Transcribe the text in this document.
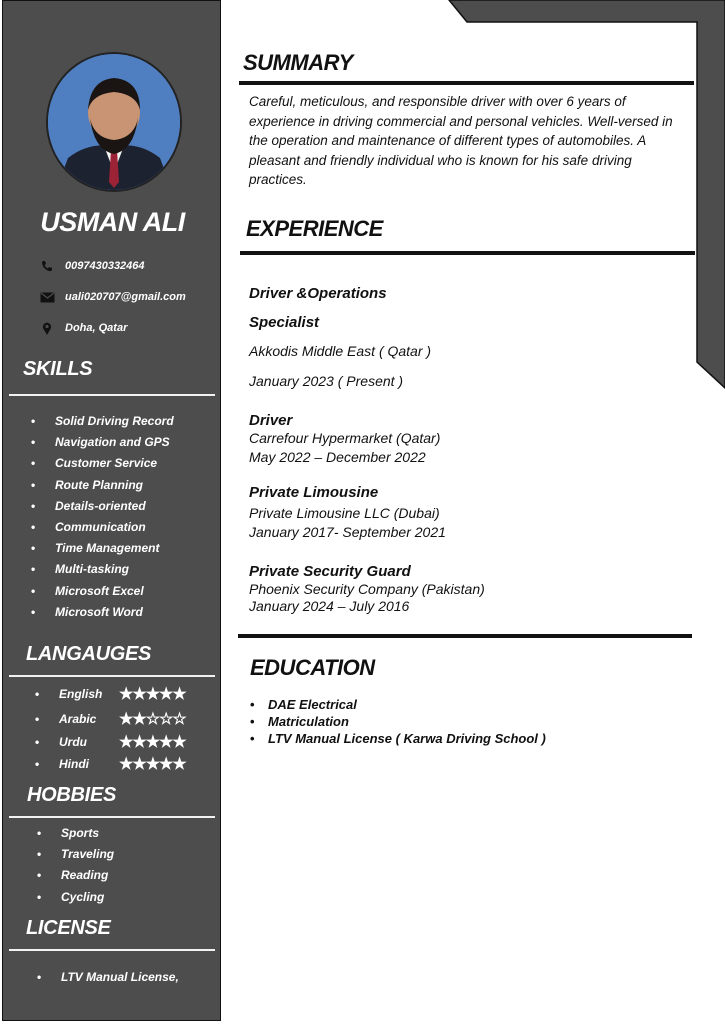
USMAN ALI
0097430332464
uali020707@gmail.com
Doha, Qatar
SKILLS
• Solid Driving Record
• Navigation and GPS
• Customer Service
• Route Planning
• Details-oriented
• Communication
• Time Management
• Multi-tasking
• Microsoft Excel
• Microsoft Word
LANGAUGES
•	English	★★★★★
•	Arabic	★★☆☆☆
•	Urdu	★★★★★
•	Hindi	★★★★★
HOBBIES
• Sports
• Traveling
• Reading
• Cycling
LICENSE
• LTV Manual License,
SUMMARY
Careful, meticulous, and responsible driver with over 6 years of experience in driving commercial and personal vehicles. Well-versed in the operation and maintenance of different types of automobiles. A pleasant and friendly individual who is known for his safe driving practices.
EXPERIENCE
Driver &Operations
Specialist
Akkodis Middle East ( Qatar )
January 2023 ( Present )
Driver
Carrefour Hypermarket (Qatar)
May 2022 – December 2022
Private Limousine
Private Limousine LLC (Dubai)
January 2017- September 2021
Private Security Guard
Phoenix Security Company (Pakistan)
January 2024 – July 2016
EDUCATION
• DAE Electrical
• Matriculation
• LTV Manual License ( Karwa Driving School )
